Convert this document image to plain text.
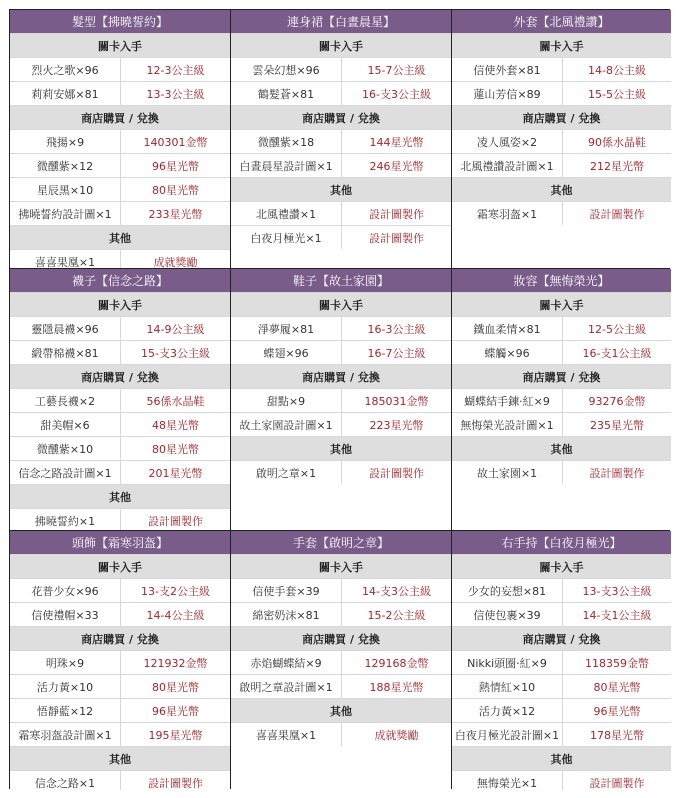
髮型【拂曉誓約】
關卡入手
烈火之歌×96	12-3公主級
莉莉安娜×81	13-3公主級
商店購買 / 兌換
飛揚×9	140301金幣
微醺紫×12	96星光幣
星辰黑×10	80星光幣
拂曉誓約設計圖×1	233星光幣
其他
喜喜果凰×1	成就獎勵
連身裙【白晝晨星】
關卡入手
雲朵幻想×96	15-7公主級
鶴髮蒼×81	16-支3公主級
商店購買 / 兌換
微醺紫×18	144星光幣
白晝晨星設計圖×1	246星光幣
其他
北風禮讚×1	設計圖製作
白夜月極光×1	設計圖製作
外套【北風禮讚】
關卡入手
信使外套×81	14-8公主級
蓮山芳信×89	15-5公主級
商店購買 / 兌換
凌人風姿×2	90係水晶鞋
北風禮讚設計圖×1	212星光幣
其他
霜寒羽盔×1	設計圖製作
襪子【信念之路】
關卡入手
靈隱晨襪×96	14-9公主級
緞帶棉襪×81	15-支3公主級
商店購買 / 兌換
工藝長襪×2	56係水晶鞋
甜美帽×6	48星光幣
微醺紫×10	80星光幣
信念之路設計圖×1	201星光幣
其他
拂曉誓約×1	設計圖製作
鞋子【故土家園】
關卡入手
淨夢履×81	16-3公主級
蝶翅×96	16-7公主級
商店購買 / 兌換
甜點×9	185031金幣
故土家園設計圖×1	223星光幣
其他
啟明之章×1	設計圖製作
妝容【無悔榮光】
關卡入手
鐵血柔情×81	12-5公主級
蝶觸×96	16-支1公主級
商店購買 / 兌換
蝴蝶結手鍊·紅×9	93276金幣
無悔榮光設計圖×1	235星光幣
其他
故土家園×1	設計圖製作
頭飾【霜寒羽盔】
關卡入手
花普少女×96	13-支2公主級
信使禮帽×33	14-4公主級
商店購買 / 兌換
明珠×9	121932金幣
活力黃×10	80星光幣
悟靜藍×12	96星光幣
霜寒羽盔設計圖×1	195星光幣
其他
信念之路×1	設計圖製作
手套【啟明之章】
關卡入手
信使手套×39	14-支3公主級
綿密奶沫×81	15-2公主級
商店購買 / 兌換
赤焰蝴蝶結×9	129168金幣
啟明之章設計圖×1	188星光幣
其他
喜喜果凰×1	成就獎勵
右手持【白夜月極光】
關卡入手
少女的妄想×81	13-支3公主級
信使包裹×39	14-支1公主級
商店購買 / 兌換
Nikki頭圈·紅×9	118359金幣
熱情紅×10	80星光幣
活力黃×12	96星光幣
白夜月極光設計圖×1	178星光幣
其他
無悔榮光×1	設計圖製作
